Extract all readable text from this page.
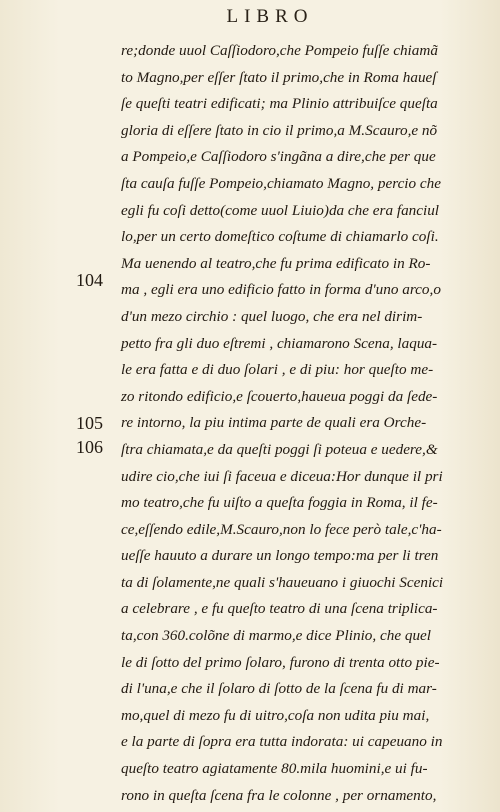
LIBRO
104
105
106
re;donde uuol Caſſiodoro,che Pompeio fuſſe chiamã
to Magno,per eſſer ſtato il primo,che in Roma haueſ
ſe queſti teatri edificati; ma Plinio attribuiſce queſta
gloria di eſſere ſtato in cio il primo,a M.Scauro,e nõ
a Pompeio,e Caſſiodoro s'ingãna a dire,che per que
ſta cauſa fuſſe Pompeio,chiamato Magno, percio che
egli fu coſi detto(come uuol Liuio)da che era fanciul
lo,per un certo domeſtico coſtume di chiamarlo coſi.
Ma uenendo al teatro,che fu prima edificato in Ro-
ma , egli era uno edificio fatto in forma d'uno arco,o
d'un mezo circhio : quel luogo, che era nel dirim-
petto fra gli duo eſtremi , chiamarono Scena, laqua-
le era fatta e di duo ſolari , e di piu: hor queſto me-
zo ritondo edificio,e ſcouerto,haueua poggi da ſede-
re intorno, la piu intima parte de quali era Orche-
ſtra chiamata,e da queſti poggi ſi poteua e uedere,&
udire cio,che iui ſi faceua e diceua:Hor dunque il pri
mo teatro,che fu uiſto a queſta foggia in Roma, il fe-
ce,eſſendo edile,M.Scauro,non lo fece però tale,c'ha-
ueſſe hauuto a durare un longo tempo:ma per li tren
ta di ſolamente,ne quali s'haueuano i giuochi Scenici
a celebrare , e fu queſto teatro di una ſcena triplica-
ta,con 360.colõne di marmo,e dice Plinio, che quel
le di ſotto del primo ſolaro, furono di trenta otto pie-
di l'una,e che il ſolaro di ſotto de la ſcena fu di mar-
mo,quel di mezo fu di uitro,coſa non udita piu mai,
e la parte di ſopra era tutta indorata: ui capeuano in
queſto teatro agiatamente 80.mila huomini,e ui fu-
rono in queſta ſcena fra le colonne , per ornamento,
